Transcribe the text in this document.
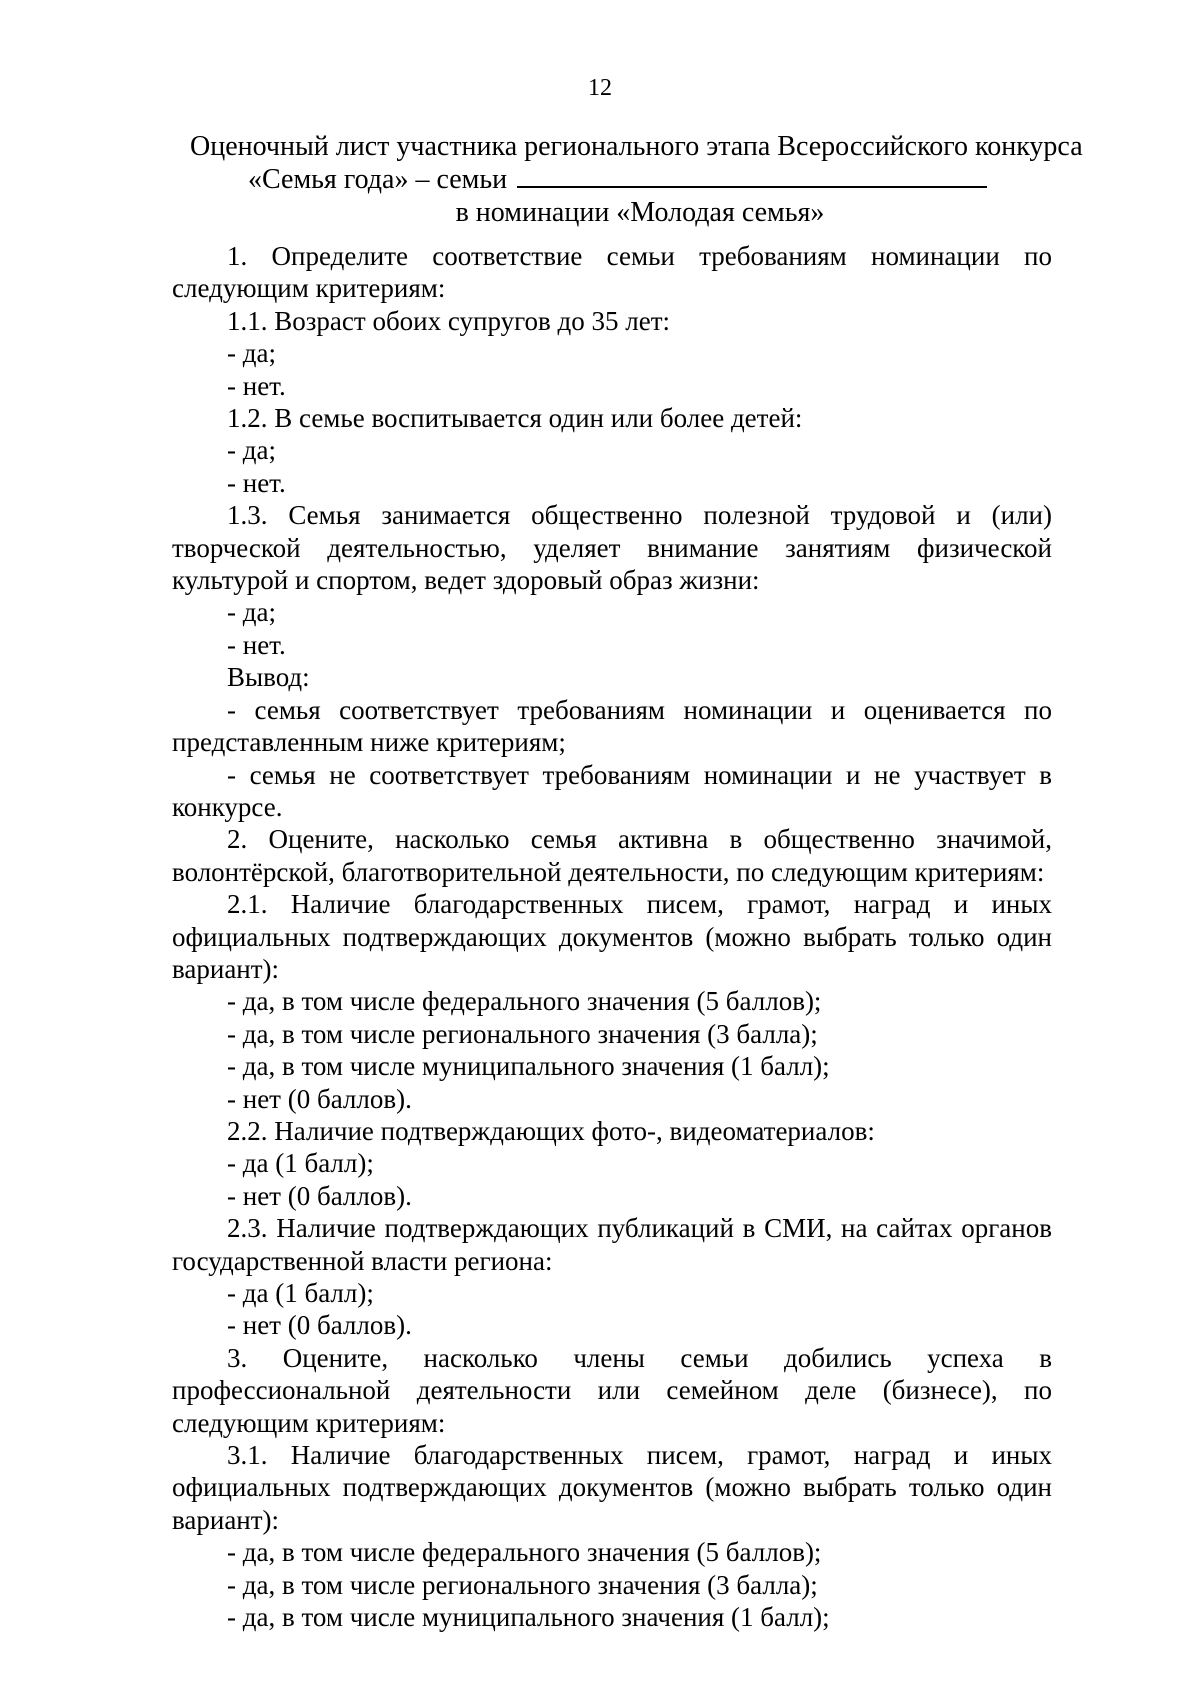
12
Оценочный лист участника регионального этапа Всероссийского конкурса
«Семья года» – семьи
в номинации «Молодая семья»

1. Определите соответствие семьи требованиям номинации по следующим критериям:

1.1. Возраст обоих супругов до 35 лет:

- да;

- нет.

1.2. В семье воспитывается один или более детей:

- да;

- нет.

1.3. Семья занимается общественно полезной трудовой и (или) творческой деятельностью, уделяет внимание занятиям физической культурой и спортом, ведет здоровый образ жизни:

- да;

- нет.

Вывод:

- семья соответствует требованиям номинации и оценивается по представленным ниже критериям;

- семья не соответствует требованиям номинации и не участвует в конкурсе.

2. Оцените, насколько семья активна в общественно значимой, волонтёрской, благотворительной деятельности, по следующим критериям:

2.1. Наличие благодарственных писем, грамот, наград и иных официальных подтверждающих документов (можно выбрать только один вариант):

- да, в том числе федерального значения (5 баллов);

- да, в том числе регионального значения (3 балла);

- да, в том числе муниципального значения (1 балл);

- нет (0 баллов).

2.2. Наличие подтверждающих фото-, видеоматериалов:

- да (1 балл);

- нет (0 баллов).

2.3. Наличие подтверждающих публикаций в СМИ, на сайтах органов государственной власти региона:

- да (1 балл);

- нет (0 баллов).

3. Оцените, насколько члены семьи добились успеха в профессиональной деятельности или семейном деле (бизнесе), по следующим критериям:

3.1. Наличие благодарственных писем, грамот, наград и иных официальных подтверждающих документов (можно выбрать только один вариант):

- да, в том числе федерального значения (5 баллов);

- да, в том числе регионального значения (3 балла);

- да, в том числе муниципального значения (1 балл);
